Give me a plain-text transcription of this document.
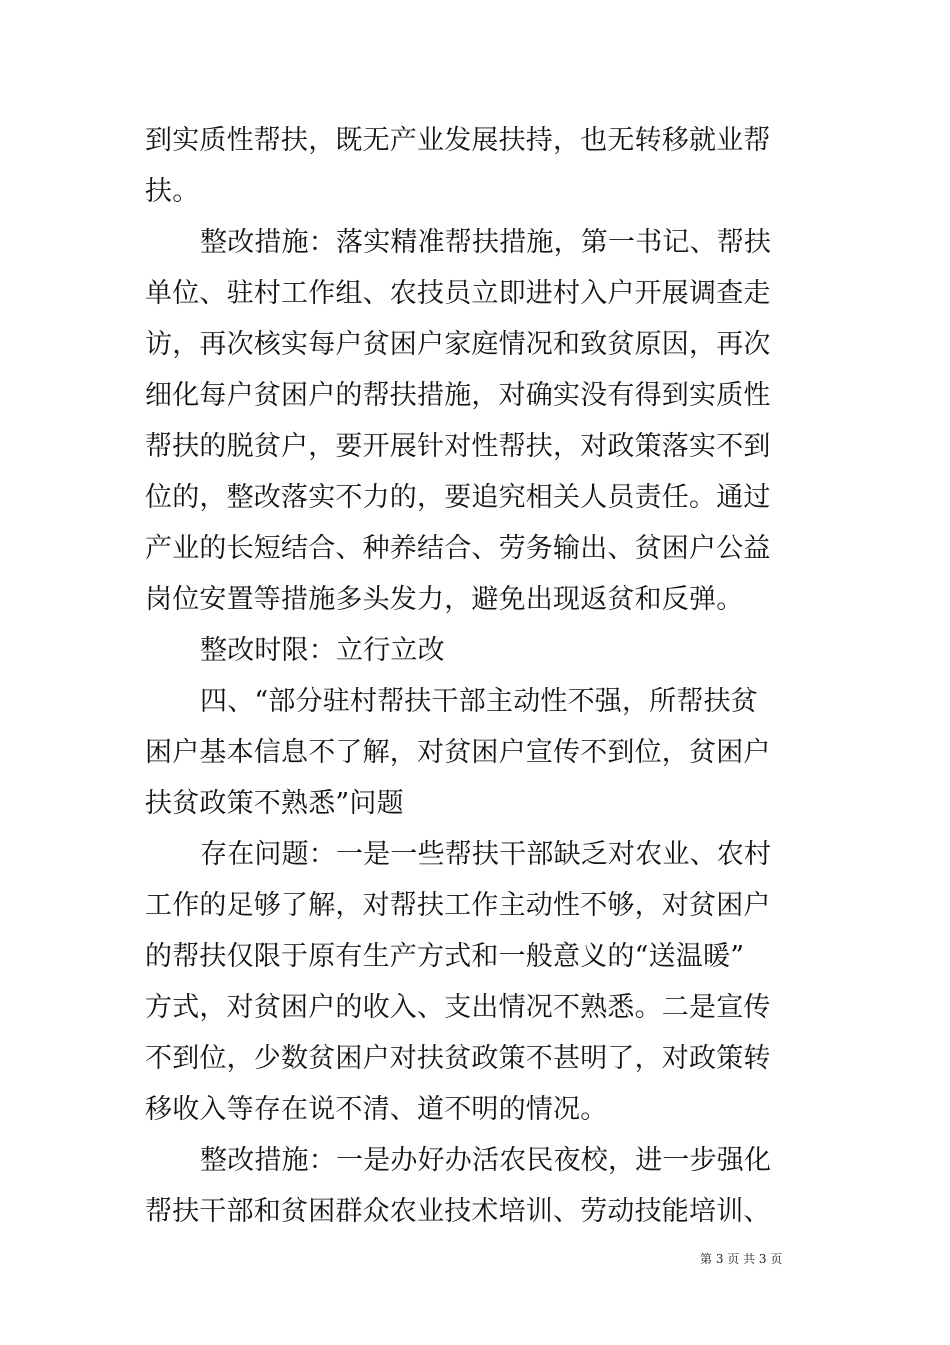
到实质性帮扶，既无产业发展扶持，也无转移就业帮
扶。
整改措施：落实精准帮扶措施，第一书记、帮扶
单位、驻村工作组、农技员立即进村入户开展调查走
访，再次核实每户贫困户家庭情况和致贫原因，再次
细化每户贫困户的帮扶措施，对确实没有得到实质性
帮扶的脱贫户，要开展针对性帮扶，对政策落实不到
位的，整改落实不力的，要追究相关人员责任。通过
产业的长短结合、种养结合、劳务输出、贫困户公益
岗位安置等措施多头发力，避免出现返贫和反弹。
整改时限：立行立改
四、“部分驻村帮扶干部主动性不强，所帮扶贫
困户基本信息不了解，对贫困户宣传不到位，贫困户
扶贫政策不熟悉”问题
存在问题：一是一些帮扶干部缺乏对农业、农村
工作的足够了解，对帮扶工作主动性不够，对贫困户
的帮扶仅限于原有生产方式和一般意义的“送温暖”
方式，对贫困户的收入、支出情况不熟悉。二是宣传
不到位，少数贫困户对扶贫政策不甚明了，对政策转
移收入等存在说不清、道不明的情况。
整改措施：一是办好办活农民夜校，进一步强化
帮扶干部和贫困群众农业技术培训、劳动技能培训、
第 3 页 共 3 页
